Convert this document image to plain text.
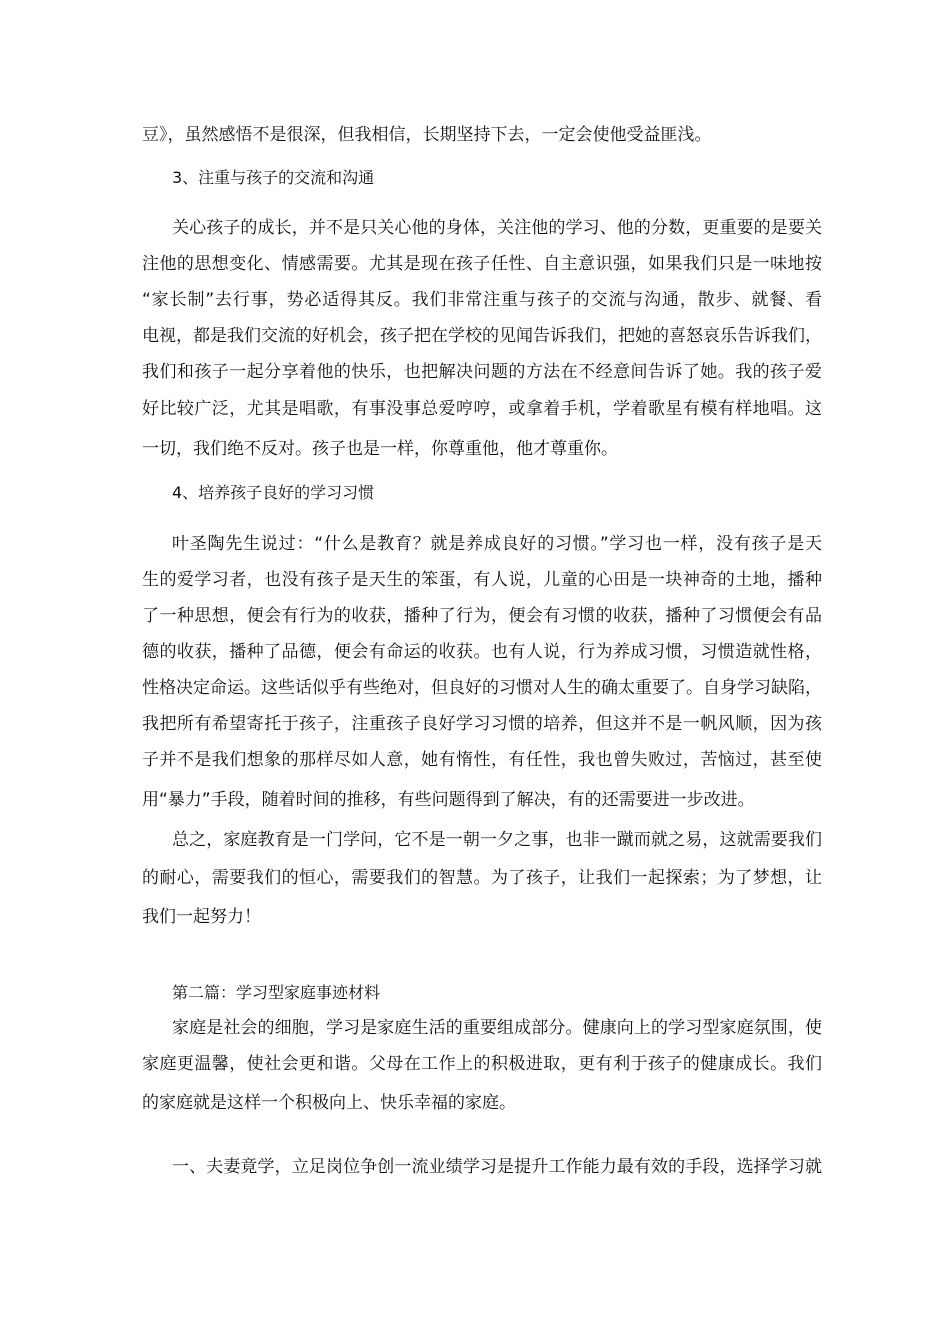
豆》，虽然感悟不是很深，但我相信，长期坚持下去，一定会使他受益匪浅。
3、注重与孩子的交流和沟通
关心孩子的成长，并不是只关心他的身体，关注他的学习、他的分数，更重要的是要关
注他的思想变化、情感需要。尤其是现在孩子任性、自主意识强，如果我们只是一味地按
“家长制”去行事，势必适得其反。我们非常注重与孩子的交流与沟通，散步、就餐、看
电视，都是我们交流的好机会，孩子把在学校的见闻告诉我们，把她的喜怒哀乐告诉我们，
我们和孩子一起分享着他的快乐，也把解决问题的方法在不经意间告诉了她。我的孩子爱
好比较广泛，尤其是唱歌，有事没事总爱哼哼，或拿着手机，学着歌星有模有样地唱。这
一切，我们绝不反对。孩子也是一样，你尊重他，他才尊重你。
4、培养孩子良好的学习习惯
叶圣陶先生说过：“什么是教育？就是养成良好的习惯。”学习也一样，没有孩子是天
生的爱学习者，也没有孩子是天生的笨蛋，有人说，儿童的心田是一块神奇的土地，播种
了一种思想，便会有行为的收获，播种了行为，便会有习惯的收获，播种了习惯便会有品
德的收获，播种了品德，便会有命运的收获。也有人说，行为养成习惯，习惯造就性格，
性格决定命运。这些话似乎有些绝对，但良好的习惯对人生的确太重要了。自身学习缺陷，
我把所有希望寄托于孩子，注重孩子良好学习习惯的培养，但这并不是一帆风顺，因为孩
子并不是我们想象的那样尽如人意，她有惰性，有任性，我也曾失败过，苦恼过，甚至使
用“暴力”手段，随着时间的推移，有些问题得到了解决，有的还需要进一步改进。
总之，家庭教育是一门学问，它不是一朝一夕之事，也非一蹴而就之易，这就需要我们
的耐心，需要我们的恒心，需要我们的智慧。为了孩子，让我们一起探索；为了梦想，让
我们一起努力！
第二篇：学习型家庭事迹材料
家庭是社会的细胞，学习是家庭生活的重要组成部分。健康向上的学习型家庭氛围，使
家庭更温馨，使社会更和谐。父母在工作上的积极进取，更有利于孩子的健康成长。我们
的家庭就是这样一个积极向上、快乐幸福的家庭。
一、夫妻竟学，立足岗位争创一流业绩学习是提升工作能力最有效的手段，选择学习就
